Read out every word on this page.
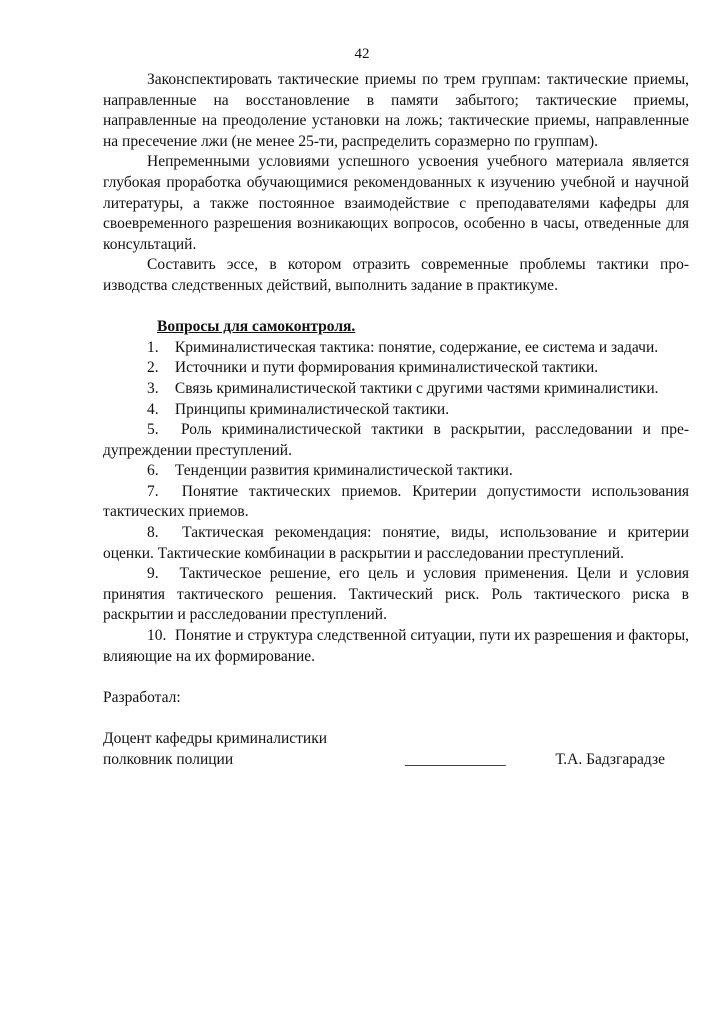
42

Законспектировать тактические приемы по трем группам: тактические приемы, направленные на восстановление в памяти забытого; тактические приемы, направленные на преодоление установки на ложь; тактические приемы, направленные на пресечение лжи (не менее 25-ти, распределить соразмерно по группам).

Непременными условиями успешного усвоения учебного материала является глубокая проработка обучающимися рекомендованных к изучению учебной и научной литературы, а также постоянное взаимодействие с преподавателями кафедры для своевременного разрешения возникающих вопросов, особенно в часы, отведенные для консультаций.

Составить эссе, в котором отразить современные проблемы тактики производства следственных действий, выполнить задание в практикуме.

Вопросы для самоконтроля.
1. Криминалистическая тактика: понятие, содержание, ее система и задачи.
2. Источники и пути формирования криминалистической тактики.
3. Связь криминалистической тактики с другими частями криминалистики.
4. Принципы криминалистической тактики.
5. Роль криминалистической тактики в раскрытии, расследовании и предупреждении преступлений.
6. Тенденции развития криминалистической тактики.
7. Понятие тактических приемов. Критерии допустимости использования тактических приемов.
8. Тактическая рекомендация: понятие, виды, использование и критерии оценки. Тактические комбинации в раскрытии и расследовании преступлений.
9. Тактическое решение, его цель и условия применения. Цели и условия принятия тактического решения. Тактический риск. Роль тактического риска в раскрытии и расследовании преступлений.
10. Понятие и структура следственной ситуации, пути их разрешения и факторы, влияющие на их формирование.
Разработал:
Доцент кафедры криминалистики
полковник полиции	_____________	Т.А. Бадзгарадзе
